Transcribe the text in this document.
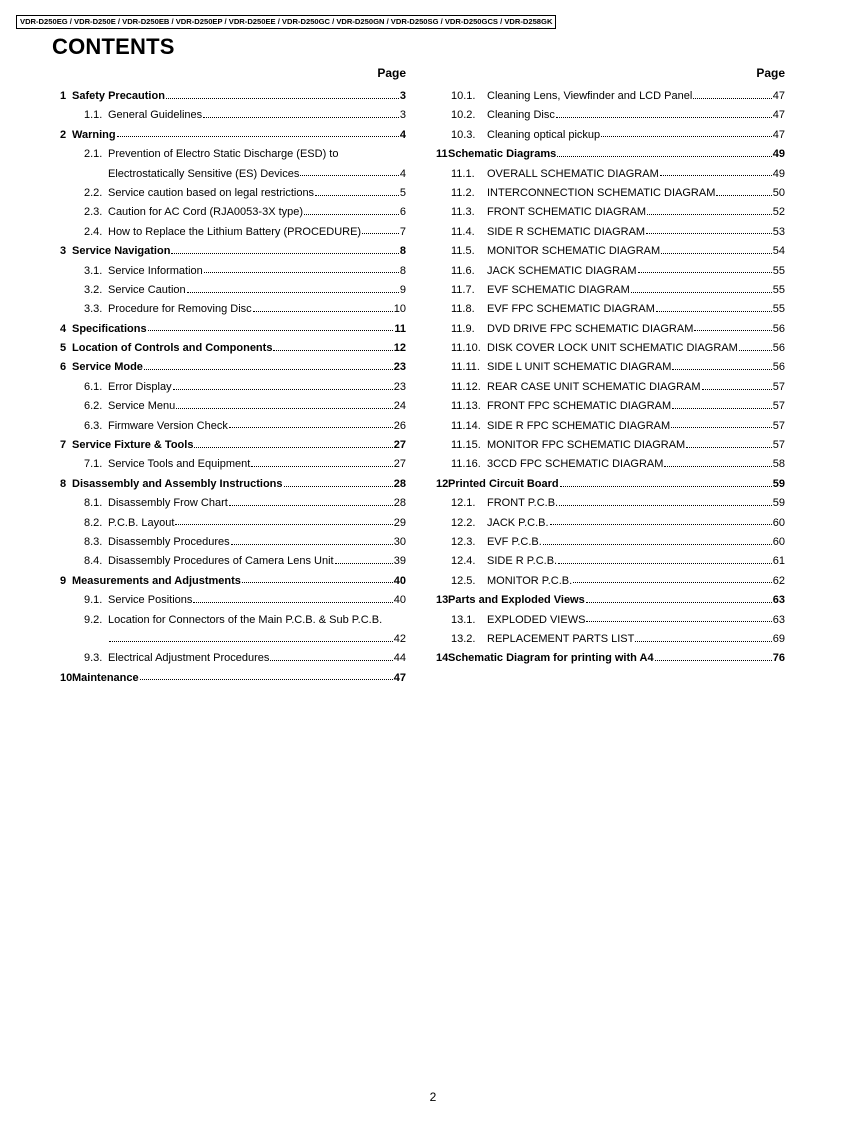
VDR-D250EG / VDR-D250E / VDR-D250EB / VDR-D250EP / VDR-D250EE / VDR-D250GC / VDR-D250GN / VDR-D250SG / VDR-D250GCS / VDR-D258GK
CONTENTS
Page
1 Safety Precaution	3
1.1. General Guidelines	3
2 Warning	4
2.1. Prevention of Electro Static Discharge (ESD) to
Electrostatically Sensitive (ES) Devices	4
2.2. Service caution based on legal restrictions	5
2.3. Caution for AC Cord (RJA0053-3X type)	6
2.4. How to Replace the Lithium Battery (PROCEDURE)	7
3 Service Navigation	8
3.1. Service Information	8
3.2. Service Caution	9
3.3. Procedure for Removing Disc	10
4 Specifications	11
5 Location of Controls and Components	12
6 Service Mode	23
6.1. Error Display	23
6.2. Service Menu	24
6.3. Firmware Version Check	26
7 Service Fixture & Tools	27
7.1. Service Tools and Equipment	27
8 Disassembly and Assembly Instructions	28
8.1. Disassembly Frow Chart	28
8.2. P.C.B. Layout	29
8.3. Disassembly Procedures	30
8.4. Disassembly Procedures of Camera Lens Unit	39
9 Measurements and Adjustments	40
9.1. Service Positions	40
9.2. Location for Connectors of the Main P.C.B. & Sub P.C.B.
42
9.3. Electrical Adjustment Procedures	44
10 Maintenance	47
Page
10.1.	Cleaning Lens, Viewfinder and LCD Panel	47
10.2.	Cleaning Disc	47
10.3.	Cleaning optical pickup	47
11 Schematic Diagrams	49
11.1.	OVERALL SCHEMATIC DIAGRAM	49
11.2.	INTERCONNECTION SCHEMATIC DIAGRAM	50
11.3.	FRONT SCHEMATIC DIAGRAM	52
11.4.	SIDE R SCHEMATIC DIAGRAM	53
11.5.	MONITOR SCHEMATIC DIAGRAM	54
11.6.	JACK SCHEMATIC DIAGRAM	55
11.7.	EVF SCHEMATIC DIAGRAM	55
11.8.	EVF FPC SCHEMATIC DIAGRAM	55
11.9.	DVD DRIVE FPC SCHEMATIC DIAGRAM	56
11.10. DISK COVER LOCK UNIT SCHEMATIC DIAGRAM	56
11.11. SIDE L UNIT SCHEMATIC DIAGRAM	56
11.12. REAR CASE UNIT SCHEMATIC DIAGRAM	57
11.13. FRONT FPC SCHEMATIC DIAGRAM	57
11.14. SIDE R FPC SCHEMATIC DIAGRAM	57
11.15. MONITOR FPC SCHEMATIC DIAGRAM	57
11.16. 3CCD FPC SCHEMATIC DIAGRAM	58
12 Printed Circuit Board	59
12.1.	FRONT P.C.B.	59
12.2.	JACK P.C.B.	60
12.3.	EVF P.C.B.	60
12.4.	SIDE R P.C.B.	61
12.5.	MONITOR P.C.B.	62
13 Parts and Exploded Views	63
13.1.	EXPLODED VIEWS	63
13.2.	REPLACEMENT PARTS LIST	69
14 Schematic Diagram for printing with A4	76
2
